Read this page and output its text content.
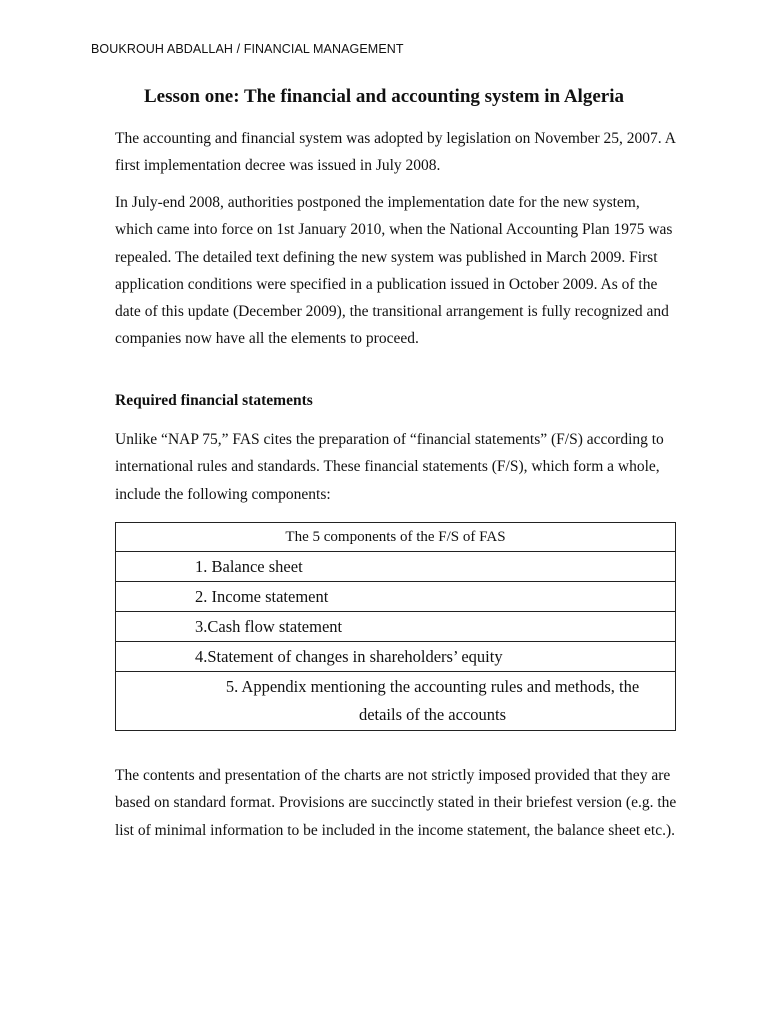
BOUKROUH ABDALLAH / FINANCIAL MANAGEMENT
Lesson one: The financial and accounting system in Algeria

The accounting and financial system was adopted by legislation on November 25, 2007. A first implementation decree was issued in July 2008.

In July-end 2008, authorities postponed the implementation date for the new system, which came into force on 1st January 2010, when the National Accounting Plan 1975 was repealed. The detailed text defining the new system was published in March 2009. First application conditions were specified in a publication issued in October 2009. As of the date of this update (December 2009), the transitional arrangement is fully recognized and companies now have all the elements to proceed.

Required financial statements

Unlike “NAP 75,” FAS cites the preparation of “financial statements” (F/S) according to international rules and standards. These financial statements (F/S), which form a whole, include the following components:

The 5 components of the F/S of FAS
1. Balance sheet
2. Income statement
3.Cash flow statement
4.Statement of changes in shareholders’ equity
5. Appendix mentioning the accounting rules and methods, the details of the accounts

The contents and presentation of the charts are not strictly imposed provided that they are based on standard format. Provisions are succinctly stated in their briefest version (e.g. the list of minimal information to be included in the income statement, the balance sheet etc.).
